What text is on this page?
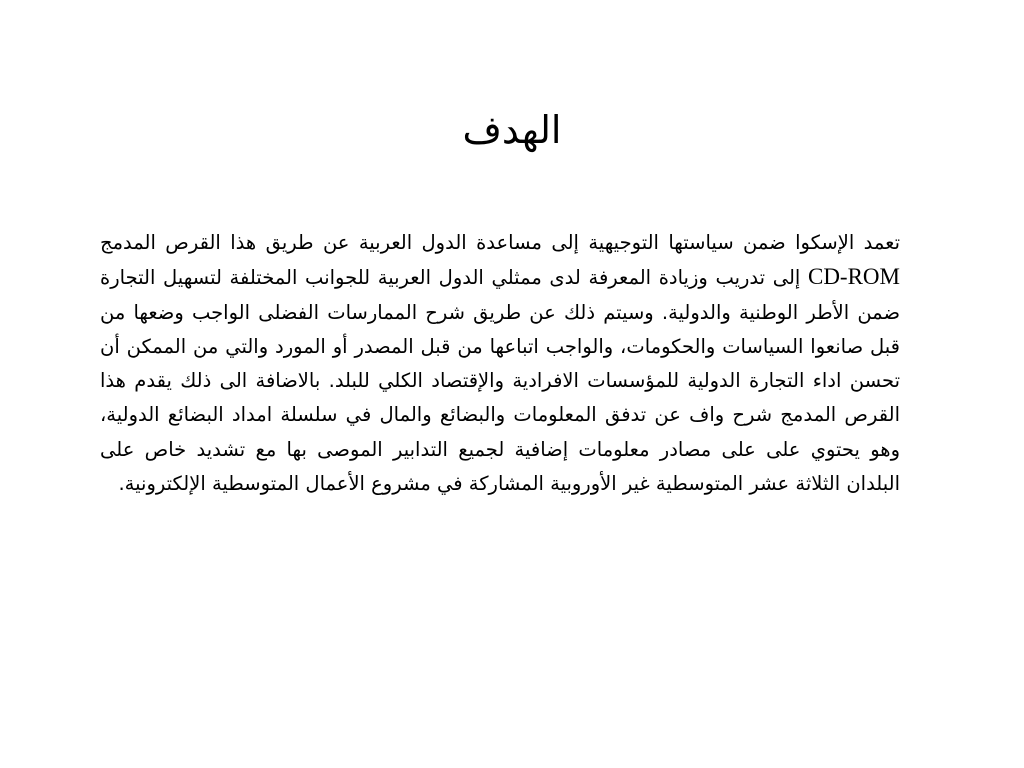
الهدف

تعمد الإسكوا ضمن سياستها التوجيهية إلى مساعدة الدول العربية عن طريق هذا القرص المدمج CD-ROM إلى تدريب وزيادة المعرفة لدى ممثلي الدول العربية للجوانب المختلفة لتسهيل التجارة ضمن الأطر الوطنية والدولية. وسيتم ذلك عن طريق شرح الممارسات الفضلى الواجب وضعها من قبل صانعوا السياسات والحكومات، والواجب اتباعها من قبل المصدر أو المورد والتي من الممكن أن تحسن اداء التجارة الدولية للمؤسسات الافرادية والإقتصاد الكلي للبلد. بالاضافة الى ذلك يقدم هذا القرص المدمج شرح واف عن تدفق المعلومات والبضائع والمال في سلسلة امداد البضائع الدولية، وهو يحتوي على على مصادر معلومات إضافية لجميع التدابير الموصى بها مع تشديد خاص على البلدان الثلاثة عشر المتوسطية غير الأوروبية المشاركة في مشروع الأعمال المتوسطية الإلكترونية.
